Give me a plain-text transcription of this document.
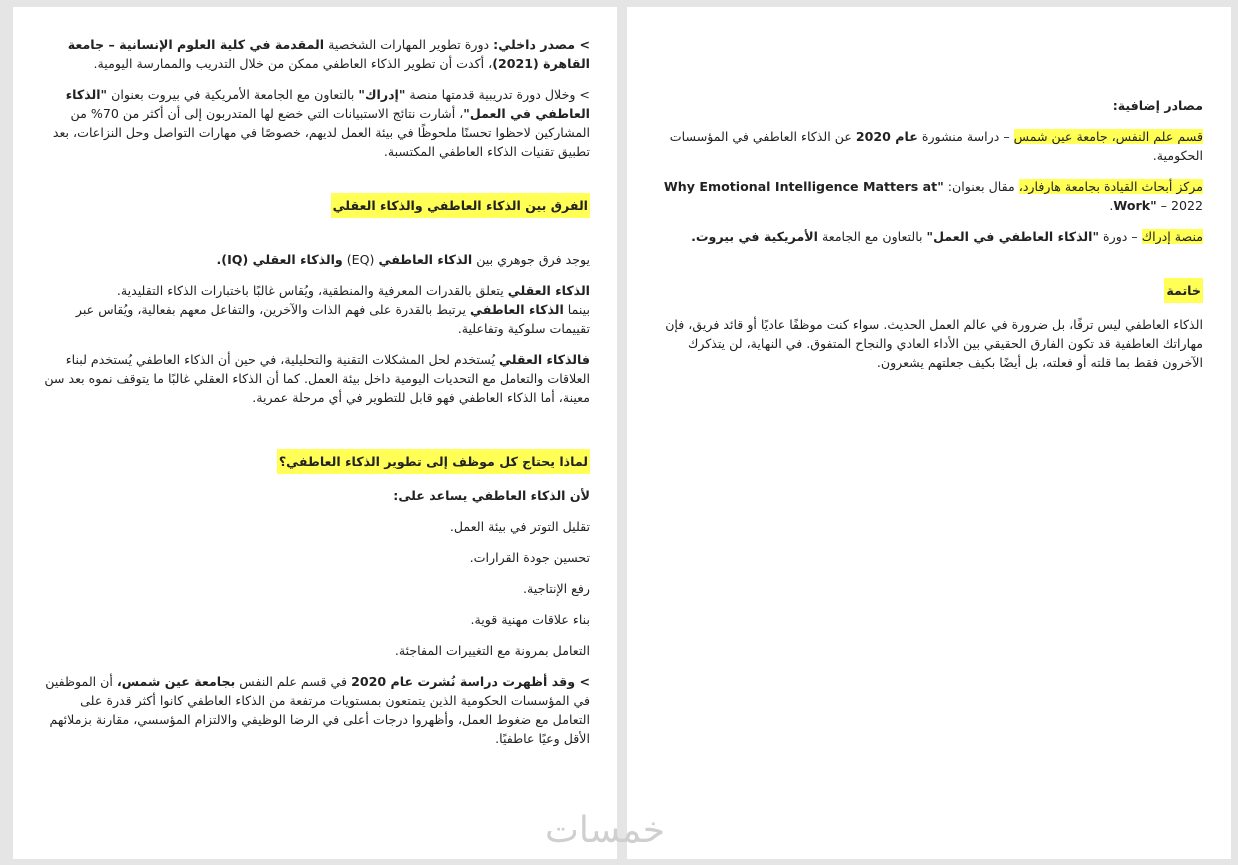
> مصدر داخلي: دورة تطوير المهارات الشخصية المقدمة في كلية العلوم الإنسانية – جامعة القاهرة (2021)، أكدت أن تطوير الذكاء العاطفي ممكن من خلال التدريب والممارسة اليومية.

> وخلال دورة تدريبية قدمتها منصة "إدراك" بالتعاون مع الجامعة الأمريكية في بيروت بعنوان "الذكاء العاطفي في العمل"، أشارت نتائج الاستبيانات التي خضع لها المتدربون إلى أن أكثر من 70% من المشاركين لاحظوا تحسنًا ملحوظًا في بيئة العمل لديهم، خصوصًا في مهارات التواصل وحل النزاعات، بعد تطبيق تقنيات الذكاء العاطفي المكتسبة.

الفرق بين الذكاء العاطفي والذكاء العقلي

يوجد فرق جوهري بين الذكاء العاطفي (EQ) والذكاء العقلي (IQ).

الذكاء العقلي يتعلق بالقدرات المعرفية والمنطقية، ويُقاس غالبًا باختبارات الذكاء التقليدية.
بينما الذكاء العاطفي يرتبط بالقدرة على فهم الذات والآخرين، والتفاعل معهم بفعالية، ويُقاس عبر تقييمات سلوكية وتفاعلية.

فالذكاء العقلي يُستخدم لحل المشكلات التقنية والتحليلية، في حين أن الذكاء العاطفي يُستخدم لبناء العلاقات والتعامل مع التحديات اليومية داخل بيئة العمل. كما أن الذكاء العقلي غالبًا ما يتوقف نموه بعد سن معينة، أما الذكاء العاطفي فهو قابل للتطوير في أي مرحلة عمرية.

لماذا يحتاج كل موظف إلى تطوير الذكاء العاطفي؟

لأن الذكاء العاطفي يساعد على:

تقليل التوتر في بيئة العمل.

تحسين جودة القرارات.

رفع الإنتاجية.

بناء علاقات مهنية قوية.

التعامل بمرونة مع التغييرات المفاجئة.

> وقد أظهرت دراسة نُشرت عام 2020 في قسم علم النفس بجامعة عين شمس، أن الموظفين في المؤسسات الحكومية الذين يتمتعون بمستويات مرتفعة من الذكاء العاطفي كانوا أكثر قدرة على التعامل مع ضغوط العمل، وأظهروا درجات أعلى في الرضا الوظيفي والالتزام المؤسسي، مقارنة بزملائهم الأقل وعيًا عاطفيًا.

مصادر إضافية:

قسم علم النفس، جامعة عين شمس – دراسة منشورة عام 2020 عن الذكاء العاطفي في المؤسسات الحكومية.

مركز أبحاث القيادة بجامعة هارفارد، مقال بعنوان: "Why Emotional Intelligence Matters at Work" – 2022.

منصة إدراك – دورة "الذكاء العاطفي في العمل" بالتعاون مع الجامعة الأمريكية في بيروت.

خاتمة

الذكاء العاطفي ليس ترفًا، بل ضرورة في عالم العمل الحديث. سواء كنت موظفًا عاديًا أو قائد فريق، فإن مهاراتك العاطفية قد تكون الفارق الحقيقي بين الأداء العادي والنجاح المتفوق. في النهاية، لن يتذكرك الآخرون فقط بما قلته أو فعلته، بل أيضًا بكيف جعلتهم يشعرون.

خمسات
